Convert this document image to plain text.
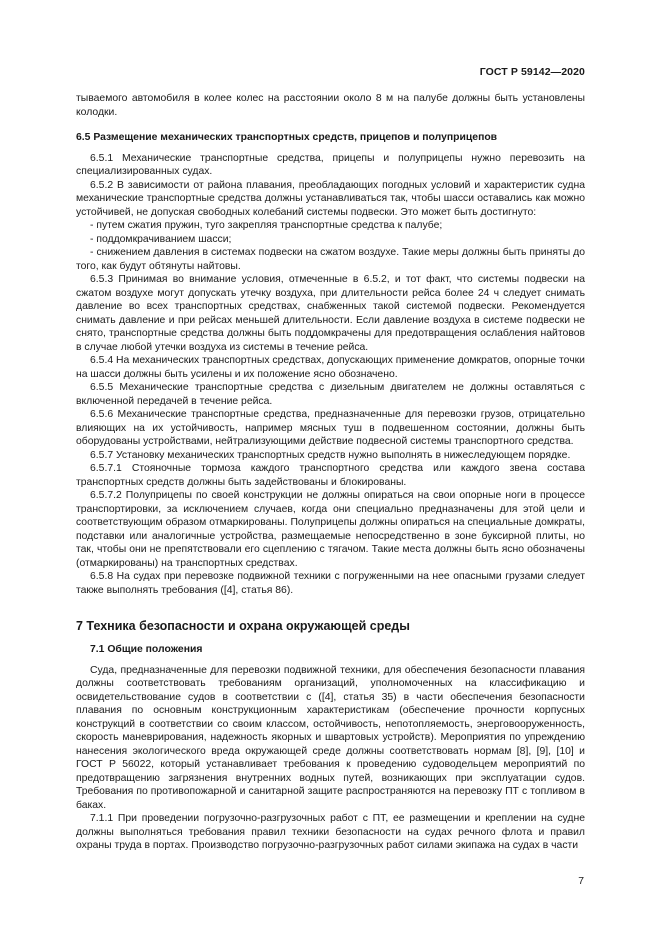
ГОСТ Р 59142—2020

тываемого автомобиля в колее колес на расстоянии около 8 м на палубе должны быть установлены колодки.

6.5 Размещение механических транспортных средств, прицепов и полуприцепов

6.5.1 Механические транспортные средства, прицепы и полуприцепы нужно перевозить на специализированных судах.

6.5.2 В зависимости от района плавания, преобладающих погодных условий и характеристик судна механические транспортные средства должны устанавливаться так, чтобы шасси оставались как можно устойчивей, не допуская свободных колебаний системы подвески. Это может быть достигнуто:

- путем сжатия пружин, туго закрепляя транспортные средства к палубе;

- поддомкрачиванием шасси;

- снижением давления в системах подвески на сжатом воздухе. Такие меры должны быть приняты до того, как будут обтянуты найтовы.

6.5.3 Принимая во внимание условия, отмеченные в 6.5.2, и тот факт, что системы подвески на сжатом воздухе могут допускать утечку воздуха, при длительности рейса более 24 ч следует снимать давление во всех транспортных средствах, снабженных такой системой подвески. Рекомендуется снимать давление и при рейсах меньшей длительности. Если давление воздуха в системе подвески не снято, транспортные средства должны быть поддомкрачены для предотвращения ослабления найтовов в случае любой утечки воздуха из системы в течение рейса.

6.5.4 На механических транспортных средствах, допускающих применение домкратов, опорные точки на шасси должны быть усилены и их положение ясно обозначено.

6.5.5 Механические транспортные средства с дизельным двигателем не должны оставляться с включенной передачей в течение рейса.

6.5.6 Механические транспортные средства, предназначенные для перевозки грузов, отрицательно влияющих на их устойчивость, например мясных туш в подвешенном состоянии, должны быть оборудованы устройствами, нейтрализующими действие подвесной системы транспортного средства.

6.5.7 Установку механических транспортных средств нужно выполнять в нижеследующем порядке.

6.5.7.1 Стояночные тормоза каждого транспортного средства или каждого звена состава транспортных средств должны быть задействованы и блокированы.

6.5.7.2 Полуприцепы по своей конструкции не должны опираться на свои опорные ноги в процессе транспортировки, за исключением случаев, когда они специально предназначены для этой цели и соответствующим образом отмаркированы. Полуприцепы должны опираться на специальные домкраты, подставки или аналогичные устройства, размещаемые непосредственно в зоне буксирной плиты, но так, чтобы они не препятствовали его сцеплению с тягачом. Такие места должны быть ясно обозначены (отмаркированы) на транспортных средствах.

6.5.8 На судах при перевозке подвижной техники с погруженными на нее опасными грузами следует также выполнять требования ([4], статья 86).

7 Техника безопасности и охрана окружающей среды

7.1 Общие положения

Суда, предназначенные для перевозки подвижной техники, для обеспечения безопасности плавания должны соответствовать требованиям организаций, уполномоченных на классификацию и освидетельствование судов в соответствии с ([4], статья 35) в части обеспечения безопасности плавания по основным конструкционным характеристикам (обеспечение прочности корпусных конструкций в соответствии со своим классом, остойчивость, непотопляемость, энерговооруженность, скорость маневрирования, надежность якорных и швартовых устройств). Мероприятия по упреждению нанесения экологического вреда окружающей среде должны соответствовать нормам [8], [9], [10] и ГОСТ Р 56022, который устанавливает требования к проведению судоводельцем мероприятий по предотвращению загрязнения внутренних водных путей, возникающих при эксплуатации судов. Требования по противопожарной и санитарной защите распространяются на перевозку ПТ с топливом в баках.

7.1.1 При проведении погрузочно-разгрузочных работ с ПТ, ее размещении и креплении на судне должны выполняться требования правил техники безопасности на судах речного флота и правил охраны труда в портах. Производство погрузочно-разгрузочных работ силами экипажа на судах в части

7
